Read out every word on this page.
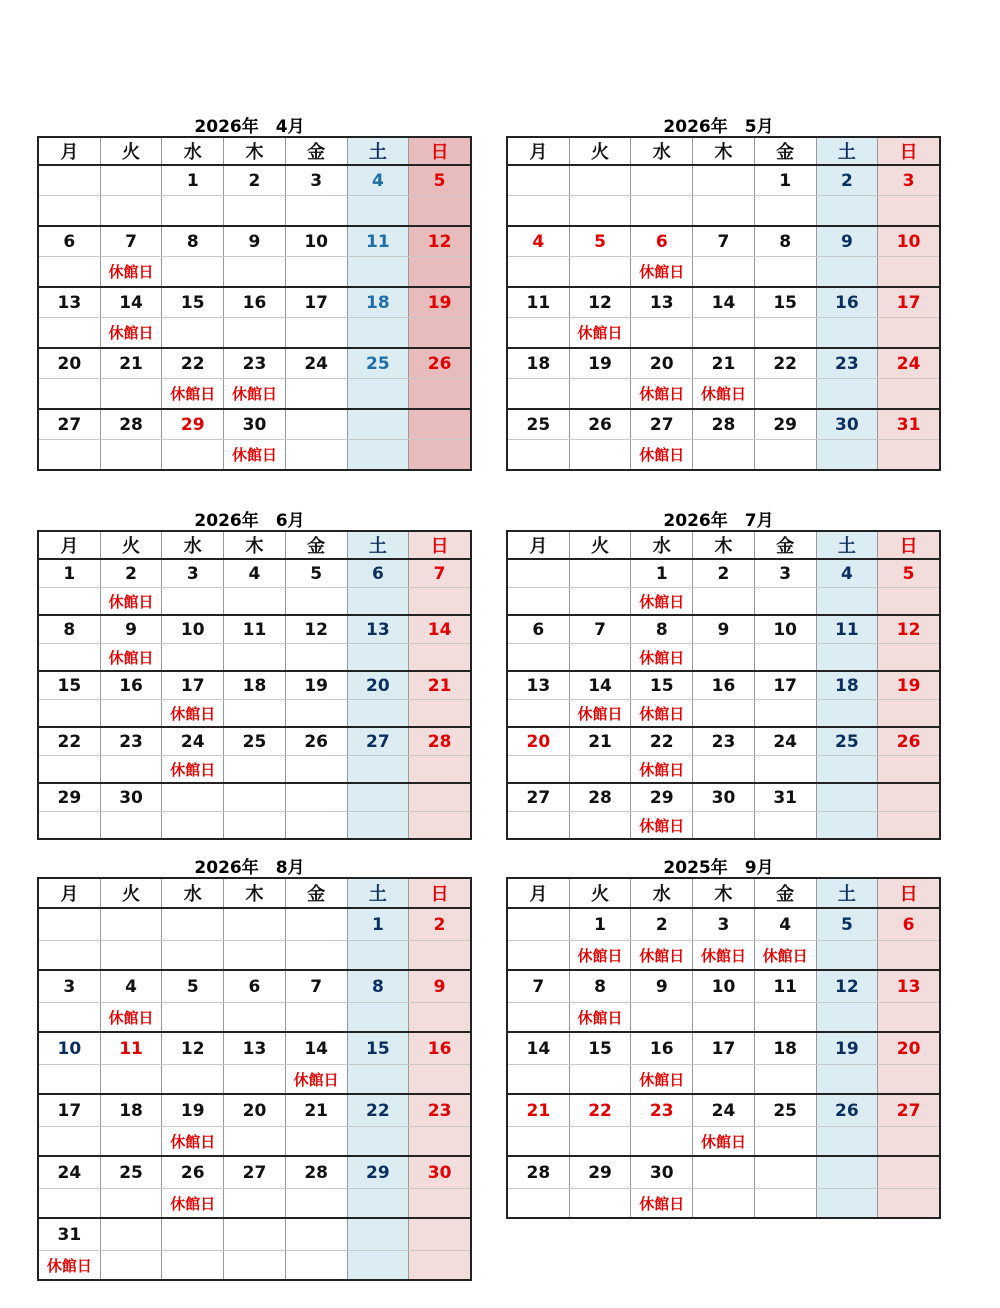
2026年　4月
月	火	水	木	金	土	日
		1	2	3	4	5

6	7	8	9	10	11	12
	休館日					
13	14	15	16	17	18	19
	休館日					
20	21	22	23	24	25	26
		休館日	休館日			
27	28	29	30			
			休館日			
2026年　5月
月	火	水	木	金	土	日
				1	2	3

4	5	6	7	8	9	10
		休館日				
11	12	13	14	15	16	17
	休館日					
18	19	20	21	22	23	24
		休館日	休館日			
25	26	27	28	29	30	31
		休館日				
2026年　6月
月	火	水	木	金	土	日
1	2	3	4	5	6	7
	休館日					
8	9	10	11	12	13	14
	休館日					
15	16	17	18	19	20	21
		休館日				
22	23	24	25	26	27	28
		休館日				
29	30					

2026年　7月
月	火	水	木	金	土	日
		1	2	3	4	5
		休館日				
6	7	8	9	10	11	12
		休館日				
13	14	15	16	17	18	19
	休館日	休館日				
20	21	22	23	24	25	26
		休館日				
27	28	29	30	31		
		休館日				
2026年　8月
月	火	水	木	金	土	日
					1	2

3	4	5	6	7	8	9
	休館日					
10	11	12	13	14	15	16
				休館日		
17	18	19	20	21	22	23
		休館日				
24	25	26	27	28	29	30
		休館日				
31						
休館日						
2025年　9月
月	火	水	木	金	土	日
	1	2	3	4	5	6
	休館日	休館日	休館日	休館日		
7	8	9	10	11	12	13
	休館日					
14	15	16	17	18	19	20
		休館日				
21	22	23	24	25	26	27
			休館日			
28	29	30				
		休館日				
